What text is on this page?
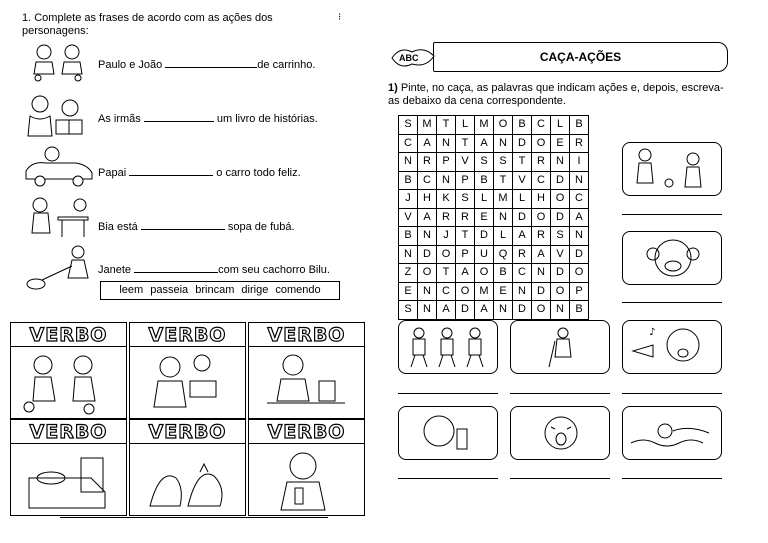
1. Complete as frases de acordo com as ações dos personagens:
⁝
Paulo e João	de carrinho.
As irmãs	um livro de histórias.
Papai	o carro todo feliz.
Bia está	sopa de fubá.
Janete	com seu cachorro Bilu.
leem passeia brincam dirige comendo
VERBO	VERBO	VERBO
VERBO	VERBO	VERBO
ABC	CAÇA-AÇÕES
1) Pinte, no caça, as palavras que indicam ações e, depois, escreva-as debaixo da cena correspondente.
S	M	T	L	M	O	B	C	L	B
C	A	N	T	A	N	D	O	E	R
N	R	P	V	S	S	T	R	N	I
B	C	N	P	B	T	V	C	D	N
J	H	K	S	L	M	L	H	O	C
V	A	R	R	E	N	D	O	D	A
B	N	J	T	D	L	A	R	S	N
N	D	O	P	U	Q	R	A	V	D
Z	O	T	A	O	B	C	N	D	O
E	N	C	O	M	E	N	D	O	P
S	N	A	D	A	N	D	O	N	B
♪
